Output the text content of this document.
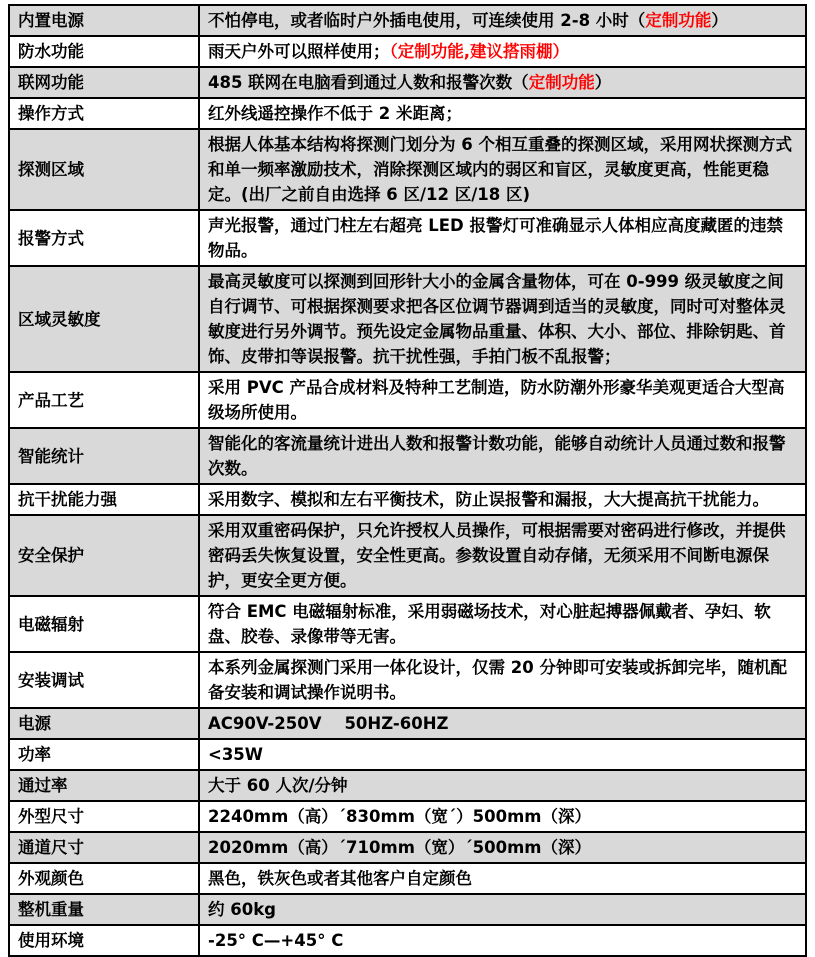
内置电源	不怕停电，或者临时户外插电使用，可连续使用 2-8 小时（定制功能）
防水功能	雨天户外可以照样使用；（定制功能,建议搭雨棚）
联网功能	485 联网在电脑看到通过人数和报警次数（定制功能）
操作方式	红外线遥控操作不低于 2 米距离；
探测区域	根据人体基本结构将探测门划分为 6 个相互重叠的探测区域，采用网状探测方式和单一频率激励技术，消除探测区域内的弱区和盲区，灵敏度更高，性能更稳定。(出厂之前自由选择 6 区/12 区/18 区)
报警方式	声光报警，通过门柱左右超亮 LED 报警灯可准确显示人体相应高度藏匿的违禁物品。
区域灵敏度	最高灵敏度可以探测到回形针大小的金属含量物体，可在 0-999 级灵敏度之间自行调节、可根据探测要求把各区位调节器调到适当的灵敏度，同时可对整体灵敏度进行另外调节。预先设定金属物品重量、体积、大小、部位、排除钥匙、首饰、皮带扣等误报警。抗干扰性强，手拍门板不乱报警；
产品工艺	采用 PVC 产品合成材料及特种工艺制造，防水防潮外形豪华美观更适合大型高级场所使用。
智能统计	智能化的客流量统计进出人数和报警计数功能，能够自动统计人员通过数和报警次数。
抗干扰能力强	采用数字、模拟和左右平衡技术，防止误报警和漏报，大大提高抗干扰能力。
安全保护	采用双重密码保护，只允许授权人员操作，可根据需要对密码进行修改，并提供密码丢失恢复设置，安全性更高。参数设置自动存储，无须采用不间断电源保护，更安全更方便。
电磁辐射	符合 EMC 电磁辐射标准，采用弱磁场技术，对心脏起搏器佩戴者、孕妇、软盘、胶卷、录像带等无害。
安装调试	本系列金属探测门采用一体化设计，仅需 20 分钟即可安装或拆卸完毕，随机配备安装和调试操作说明书。
电源	AC90V-250V    50HZ-60HZ
功率	<35W
通过率	大于 60 人次/分钟
外型尺寸	2240mm（高）´830mm（宽´）500mm（深）
通道尺寸	2020mm（高）´710mm（宽）´500mm（深）
外观颜色	黑色，铁灰色或者其他客户自定颜色
整机重量	约 60kg
使用环境	-25° C—+45° C
